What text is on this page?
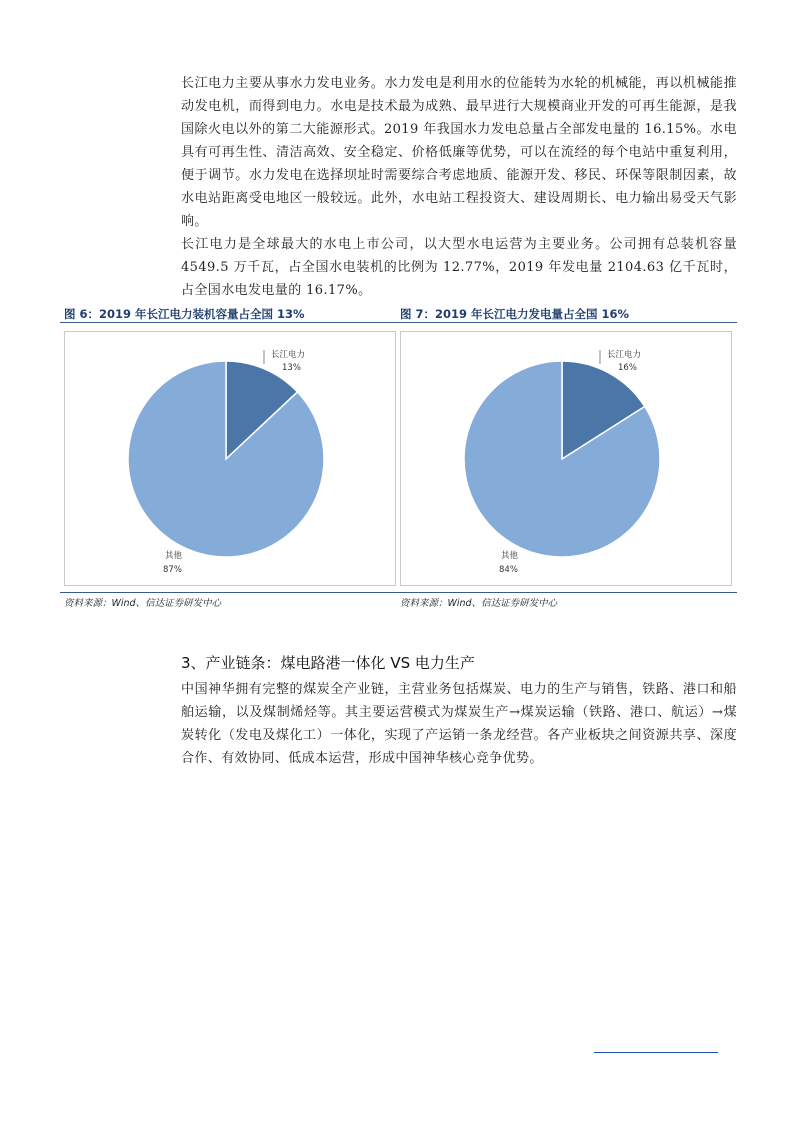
长江电力主要从事水力发电业务。水力发电是利用水的位能转为水轮的机械能，再以机械能推动发电机，而得到电力。水电是技术最为成熟、最早进行大规模商业开发的可再生能源，是我国除火电以外的第二大能源形式。2019 年我国水力发电总量占全部发电量的 16.15%。水电具有可再生性、清洁高效、安全稳定、价格低廉等优势，可以在流经的每个电站中重复利用，便于调节。水力发电在选择坝址时需要综合考虑地质、能源开发、移民、环保等限制因素，故水电站距离受电地区一般较远。此外，水电站工程投资大、建设周期长、电力输出易受天气影响。

长江电力是全球最大的水电上市公司，以大型水电运营为主要业务。公司拥有总装机容量 4549.5 万千瓦，占全国水电装机的比例为 12.77%，2019 年发电量 2104.63 亿千瓦时，占全国水电发电量的 16.17%。

图 6：2019 年长江电力装机容量占全国 13%	图 7：2019 年长江电力发电量占全国 16%
长江电力
13%
其他
87%
长江电力
16%
其他
84%
资料来源：Wind、信达证券研发中心	资料来源：Wind、信达证券研发中心
3、产业链条：煤电路港一体化 VS 电力生产

中国神华拥有完整的煤炭全产业链，主营业务包括煤炭、电力的生产与销售，铁路、港口和船舶运输，以及煤制烯烃等。其主要运营模式为煤炭生产→煤炭运输（铁路、港口、航运）→煤炭转化（发电及煤化工）一体化，实现了产运销一条龙经营。各产业板块之间资源共享、深度合作、有效协同、低成本运营，形成中国神华核心竞争优势。
